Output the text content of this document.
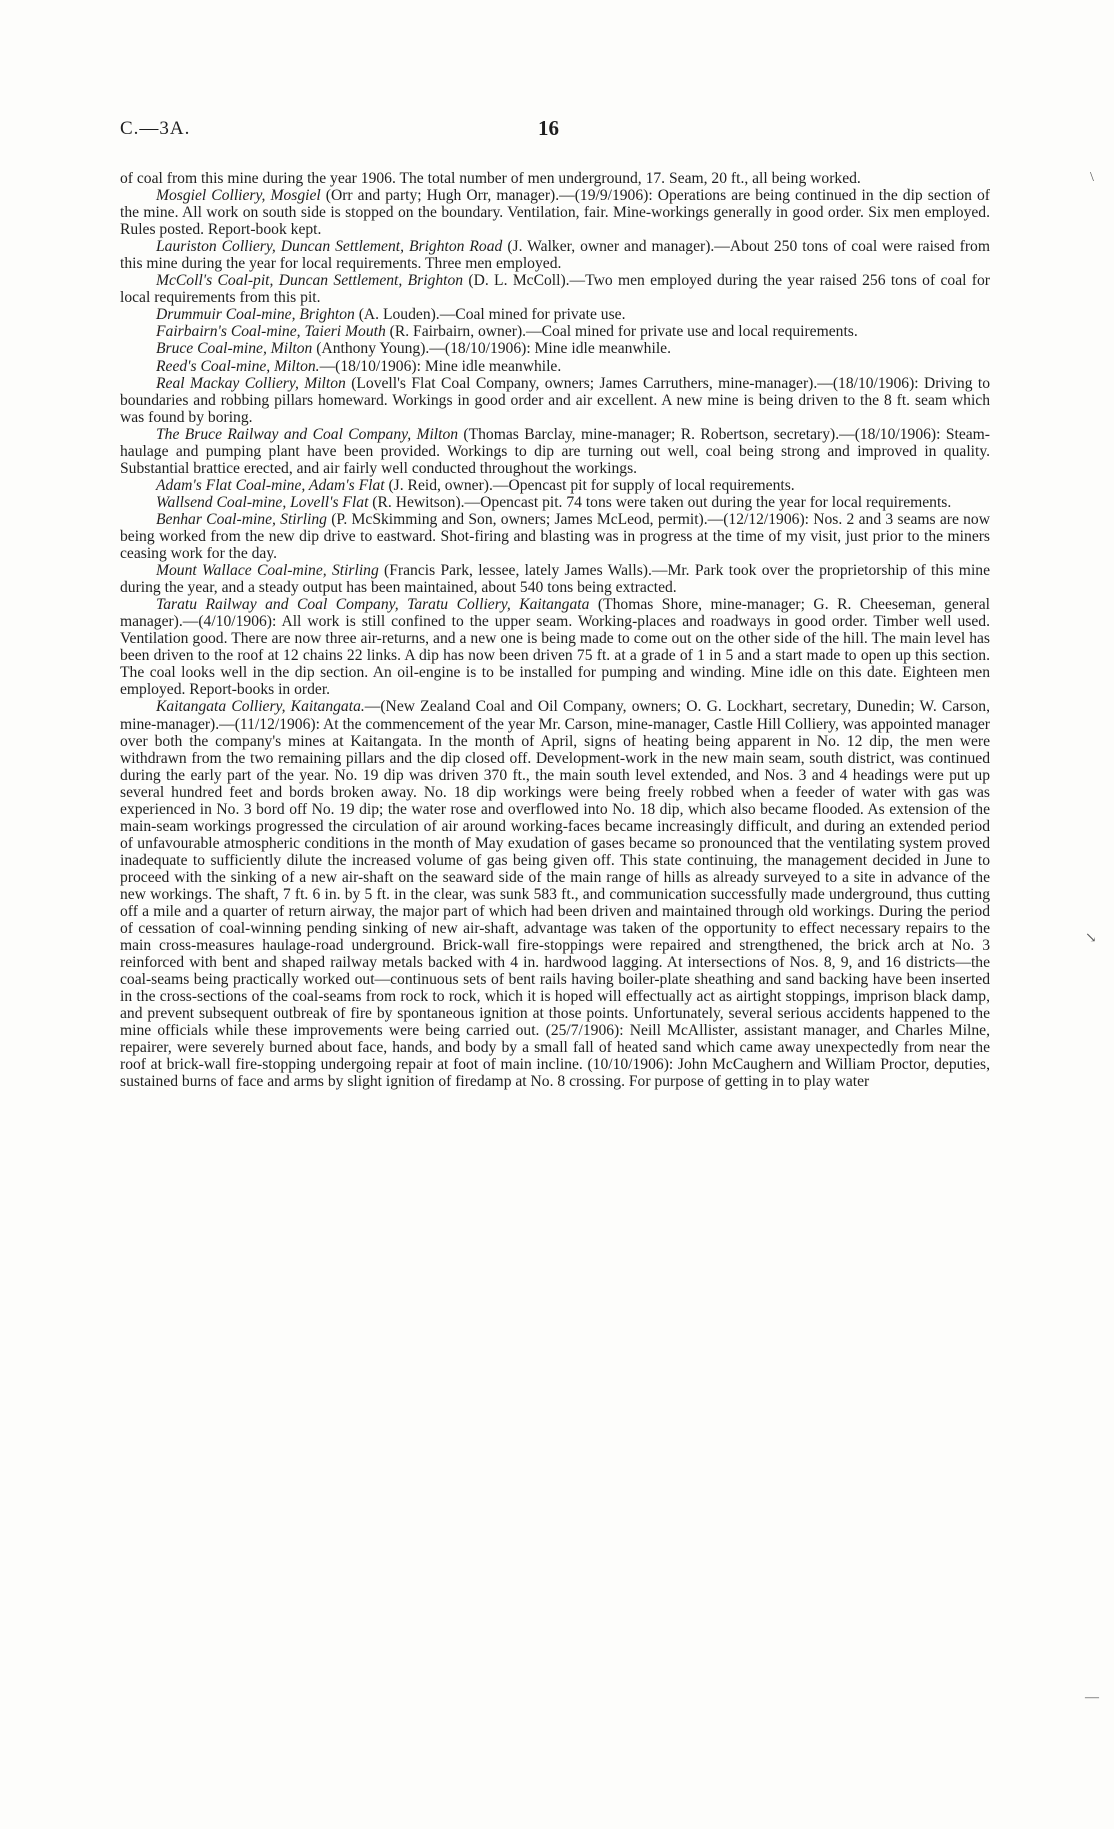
C.—3A.	16

of coal from this mine during the year 1906. The total number of men underground, 17. Seam, 20 ft., all being worked.

Mosgiel Colliery, Mosgiel (Orr and party; Hugh Orr, manager).—(19/9/1906): Operations are being continued in the dip section of the mine. All work on south side is stopped on the boundary. Ventilation, fair. Mine-workings generally in good order. Six men employed. Rules posted. Report-book kept.

Lauriston Colliery, Duncan Settlement, Brighton Road (J. Walker, owner and manager).—About 250 tons of coal were raised from this mine during the year for local requirements. Three men employed.

McColl's Coal-pit, Duncan Settlement, Brighton (D. L. McColl).—Two men employed during the year raised 256 tons of coal for local requirements from this pit.

Drummuir Coal-mine, Brighton (A. Louden).—Coal mined for private use.

Fairbairn's Coal-mine, Taieri Mouth (R. Fairbairn, owner).—Coal mined for private use and local requirements.

Bruce Coal-mine, Milton (Anthony Young).—(18/10/1906): Mine idle meanwhile.

Reed's Coal-mine, Milton.—(18/10/1906): Mine idle meanwhile.

Real Mackay Colliery, Milton (Lovell's Flat Coal Company, owners; James Carruthers, mine-manager).—(18/10/1906): Driving to boundaries and robbing pillars homeward. Workings in good order and air excellent. A new mine is being driven to the 8 ft. seam which was found by boring.

The Bruce Railway and Coal Company, Milton (Thomas Barclay, mine-manager; R. Robertson, secretary).—(18/10/1906): Steam-haulage and pumping plant have been provided. Workings to dip are turning out well, coal being strong and improved in quality. Substantial brattice erected, and air fairly well conducted throughout the workings.

Adam's Flat Coal-mine, Adam's Flat (J. Reid, owner).—Opencast pit for supply of local requirements.

Wallsend Coal-mine, Lovell's Flat (R. Hewitson).—Opencast pit. 74 tons were taken out during the year for local requirements.

Benhar Coal-mine, Stirling (P. McSkimming and Son, owners; James McLeod, permit).—(12/12/1906): Nos. 2 and 3 seams are now being worked from the new dip drive to eastward. Shot-firing and blasting was in progress at the time of my visit, just prior to the miners ceasing work for the day.

Mount Wallace Coal-mine, Stirling (Francis Park, lessee, lately James Walls).—Mr. Park took over the proprietorship of this mine during the year, and a steady output has been maintained, about 540 tons being extracted.

Taratu Railway and Coal Company, Taratu Colliery, Kaitangata (Thomas Shore, mine-manager; G. R. Cheeseman, general manager).—(4/10/1906): All work is still confined to the upper seam. Working-places and roadways in good order. Timber well used. Ventilation good. There are now three air-returns, and a new one is being made to come out on the other side of the hill. The main level has been driven to the roof at 12 chains 22 links. A dip has now been driven 75 ft. at a grade of 1 in 5 and a start made to open up this section. The coal looks well in the dip section. An oil-engine is to be installed for pumping and winding. Mine idle on this date. Eighteen men employed. Report-books in order.

Kaitangata Colliery, Kaitangata.—(New Zealand Coal and Oil Company, owners; O. G. Lockhart, secretary, Dunedin; W. Carson, mine-manager).—(11/12/1906): At the commencement of the year Mr. Carson, mine-manager, Castle Hill Colliery, was appointed manager over both the company's mines at Kaitangata. In the month of April, signs of heating being apparent in No. 12 dip, the men were withdrawn from the two remaining pillars and the dip closed off. Development-work in the new main seam, south district, was continued during the early part of the year. No. 19 dip was driven 370 ft., the main south level extended, and Nos. 3 and 4 headings were put up several hundred feet and bords broken away. No. 18 dip workings were being freely robbed when a feeder of water with gas was experienced in No. 3 bord off No. 19 dip; the water rose and overflowed into No. 18 dip, which also became flooded. As extension of the main-seam workings progressed the circulation of air around working-faces became increasingly difficult, and during an extended period of unfavourable atmospheric conditions in the month of May exudation of gases became so pronounced that the ventilating system proved inadequate to sufficiently dilute the increased volume of gas being given off. This state continuing, the management decided in June to proceed with the sinking of a new air-shaft on the seaward side of the main range of hills as already surveyed to a site in advance of the new workings. The shaft, 7 ft. 6 in. by 5 ft. in the clear, was sunk 583 ft., and communication successfully made underground, thus cutting off a mile and a quarter of return airway, the major part of which had been driven and maintained through old workings. During the period of cessation of coal-winning pending sinking of new air-shaft, advantage was taken of the opportunity to effect necessary repairs to the main cross-measures haulage-road underground. Brick-wall fire-stoppings were repaired and strengthened, the brick arch at No. 3 reinforced with bent and shaped railway metals backed with 4 in. hardwood lagging. At intersections of Nos. 8, 9, and 16 districts—the coal-seams being practically worked out—continuous sets of bent rails having boiler-plate sheathing and sand backing have been inserted in the cross-sections of the coal-seams from rock to rock, which it is hoped will effectually act as airtight stoppings, imprison black damp, and prevent subsequent outbreak of fire by spontaneous ignition at those points. Unfortunately, several serious accidents happened to the mine officials while these improvements were being carried out. (25/7/1906): Neill McAllister, assistant manager, and Charles Milne, repairer, were severely burned about face, hands, and body by a small fall of heated sand which came away unexpectedly from near the roof at brick-wall fire-stopping undergoing repair at foot of main incline. (10/10/1906): John McCaughern and William Proctor, deputies, sustained burns of face and arms by slight ignition of firedamp at No. 8 crossing. For purpose of getting in to play water

\
↘
—
